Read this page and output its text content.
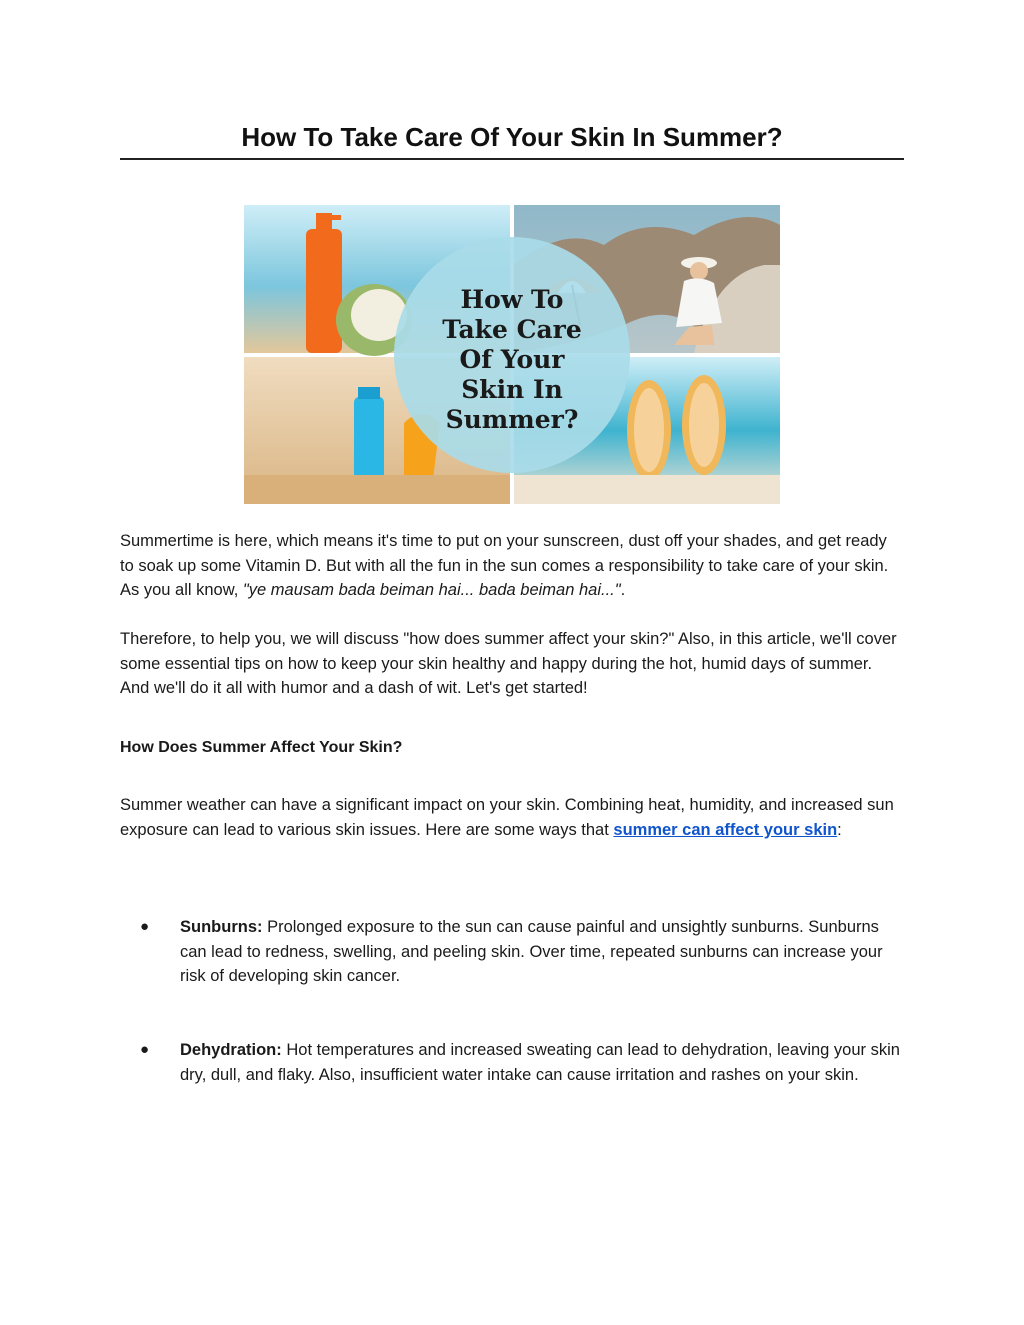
How To Take Care Of Your Skin In Summer?
How To
Take Care
Of Your
Skin In
Summer?

Summertime is here, which means it's time to put on your sunscreen, dust off your shades, and get ready to soak up some Vitamin D. But with all the fun in the sun comes a responsibility to take care of your skin. As you all know, "ye mausam bada beiman hai... bada beiman hai...".

Therefore, to help you, we will discuss "how does summer affect your skin?" Also, in this article, we'll cover some essential tips on how to keep your skin healthy and happy during the hot, humid days of summer. And we'll do it all with humor and a dash of wit. Let's get started!

How Does Summer Affect Your Skin?

Summer weather can have a significant impact on your skin. Combining heat, humidity, and increased sun exposure can lead to various skin issues. Here are some ways that summer can affect your skin:

● Sunburns: Prolonged exposure to the sun can cause painful and unsightly sunburns. Sunburns can lead to redness, swelling, and peeling skin. Over time, repeated sunburns can increase your risk of developing skin cancer.

● Dehydration: Hot temperatures and increased sweating can lead to dehydration, leaving your skin dry, dull, and flaky. Also, insufficient water intake can cause irritation and rashes on your skin.
